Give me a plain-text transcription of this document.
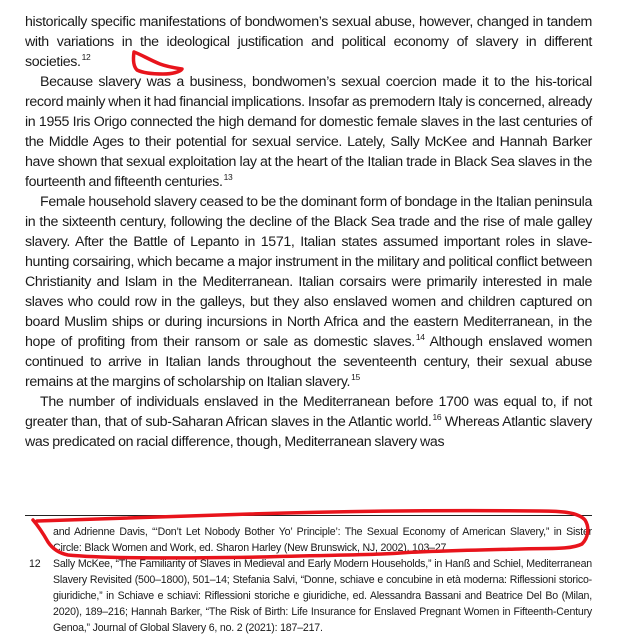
historically specific manifestations of bondwomen’s sexual abuse, however, changed in tandem with variations in the ideological justification and political economy of slavery in different societies.$^{12}$

Because slavery was a business, bondwomen’s sexual coercion made it to the his-torical record mainly when it had financial implications. Insofar as premodern Italy is concerned, already in 1955 Iris Origo connected the high demand for domestic female slaves in the last centuries of the Middle Ages to their potential for sexual service. Lately, Sally McKee and Hannah Barker have shown that sexual exploitation lay at the heart of the Italian trade in Black Sea slaves in the fourteenth and fifteenth centuries.$^{13}$

Female household slavery ceased to be the dominant form of bondage in the Italian peninsula in the sixteenth century, following the decline of the Black Sea trade and the rise of male galley slavery. After the Battle of Lepanto in 1571, Italian states assumed important roles in slave-hunting corsairing, which became a major instrument in the military and political conflict between Christianity and Islam in the Mediterranean. Italian corsairs were primarily interested in male slaves who could row in the galleys, but they also enslaved women and children captured on board Muslim ships or during incursions in North Africa and the eastern Mediterranean, in the hope of profiting from their ransom or sale as domestic slaves.$^{14}$ Although enslaved women continued to arrive in Italian lands throughout the seventeenth century, their sexual abuse remains at the margins of scholarship on Italian slavery.$^{15}$

The number of individuals enslaved in the Mediterranean before 1700 was equal to, if not greater than, that of sub-Saharan African slaves in the Atlantic world.$^{16}$ Whereas Atlantic slavery was predicated on racial difference, though, Mediterranean slavery was

and Adrienne Davis, “‘Don’t Let Nobody Bother Yo’ Principle’: The Sexual Economy of American Slavery,” in Sister Circle: Black Women and Work, ed. Sharon Harley (New Brunswick, NJ, 2002), 103–27.
12 Sally McKee, “The Familiarity of Slaves in Medieval and Early Modern Households,” in Hanß and Schiel, Mediterranean Slavery Revisited (500–1800), 501–14; Stefania Salvi, “Donne, schiave e concubine in età moderna: Riflessioni storico-giuridiche,” in Schiave e schiavi: Riflessioni storiche e giuridiche, ed. Alessandra Bassani and Beatrice Del Bo (Milan, 2020), 189–216; Hannah Barker, “The Risk of Birth: Life Insurance for Enslaved Pregnant Women in Fifteenth-Century Genoa,” Journal of Global Slavery 6, no. 2 (2021): 187–217.
